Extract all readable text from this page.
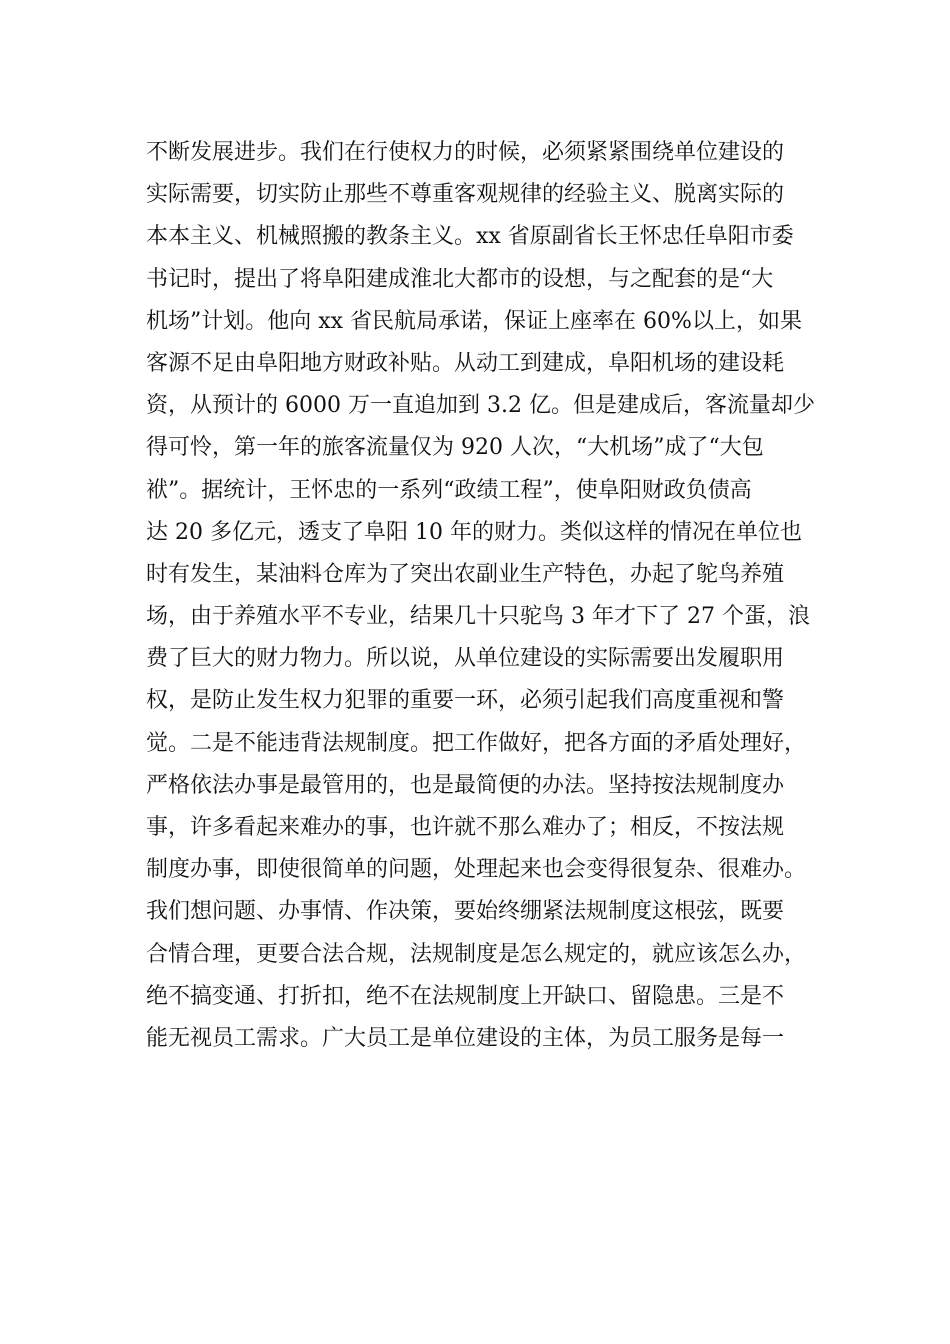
不断发展进步。我们在行使权力的时候，必须紧紧围绕单位建设的
实际需要，切实防止那些不尊重客观规律的经验主义、脱离实际的
本本主义、机械照搬的教条主义。xx 省原副省长王怀忠任阜阳市委
书记时，提出了将阜阳建成淮北大都市的设想，与之配套的是“大
机场”计划。他向 xx 省民航局承诺，保证上座率在 60%以上，如果
客源不足由阜阳地方财政补贴。从动工到建成，阜阳机场的建设耗
资，从预计的 6000 万一直追加到 3.2 亿。但是建成后，客流量却少
得可怜，第一年的旅客流量仅为 920 人次，“大机场”成了“大包
袱”。据统计，王怀忠的一系列“政绩工程”，使阜阳财政负债高
达 20 多亿元，透支了阜阳 10 年的财力。类似这样的情况在单位也
时有发生，某油料仓库为了突出农副业生产特色，办起了鸵鸟养殖
场，由于养殖水平不专业，结果几十只驼鸟 3 年才下了 27 个蛋，浪
费了巨大的财力物力。所以说，从单位建设的实际需要出发履职用
权，是防止发生权力犯罪的重要一环，必须引起我们高度重视和警
觉。二是不能违背法规制度。把工作做好，把各方面的矛盾处理好，
严格依法办事是最管用的，也是最简便的办法。坚持按法规制度办
事，许多看起来难办的事，也许就不那么难办了；相反，不按法规
制度办事，即使很简单的问题，处理起来也会变得很复杂、很难办。
我们想问题、办事情、作决策，要始终绷紧法规制度这根弦，既要
合情合理，更要合法合规，法规制度是怎么规定的，就应该怎么办，
绝不搞变通、打折扣，绝不在法规制度上开缺口、留隐患。三是不
能无视员工需求。广大员工是单位建设的主体，为员工服务是每一
